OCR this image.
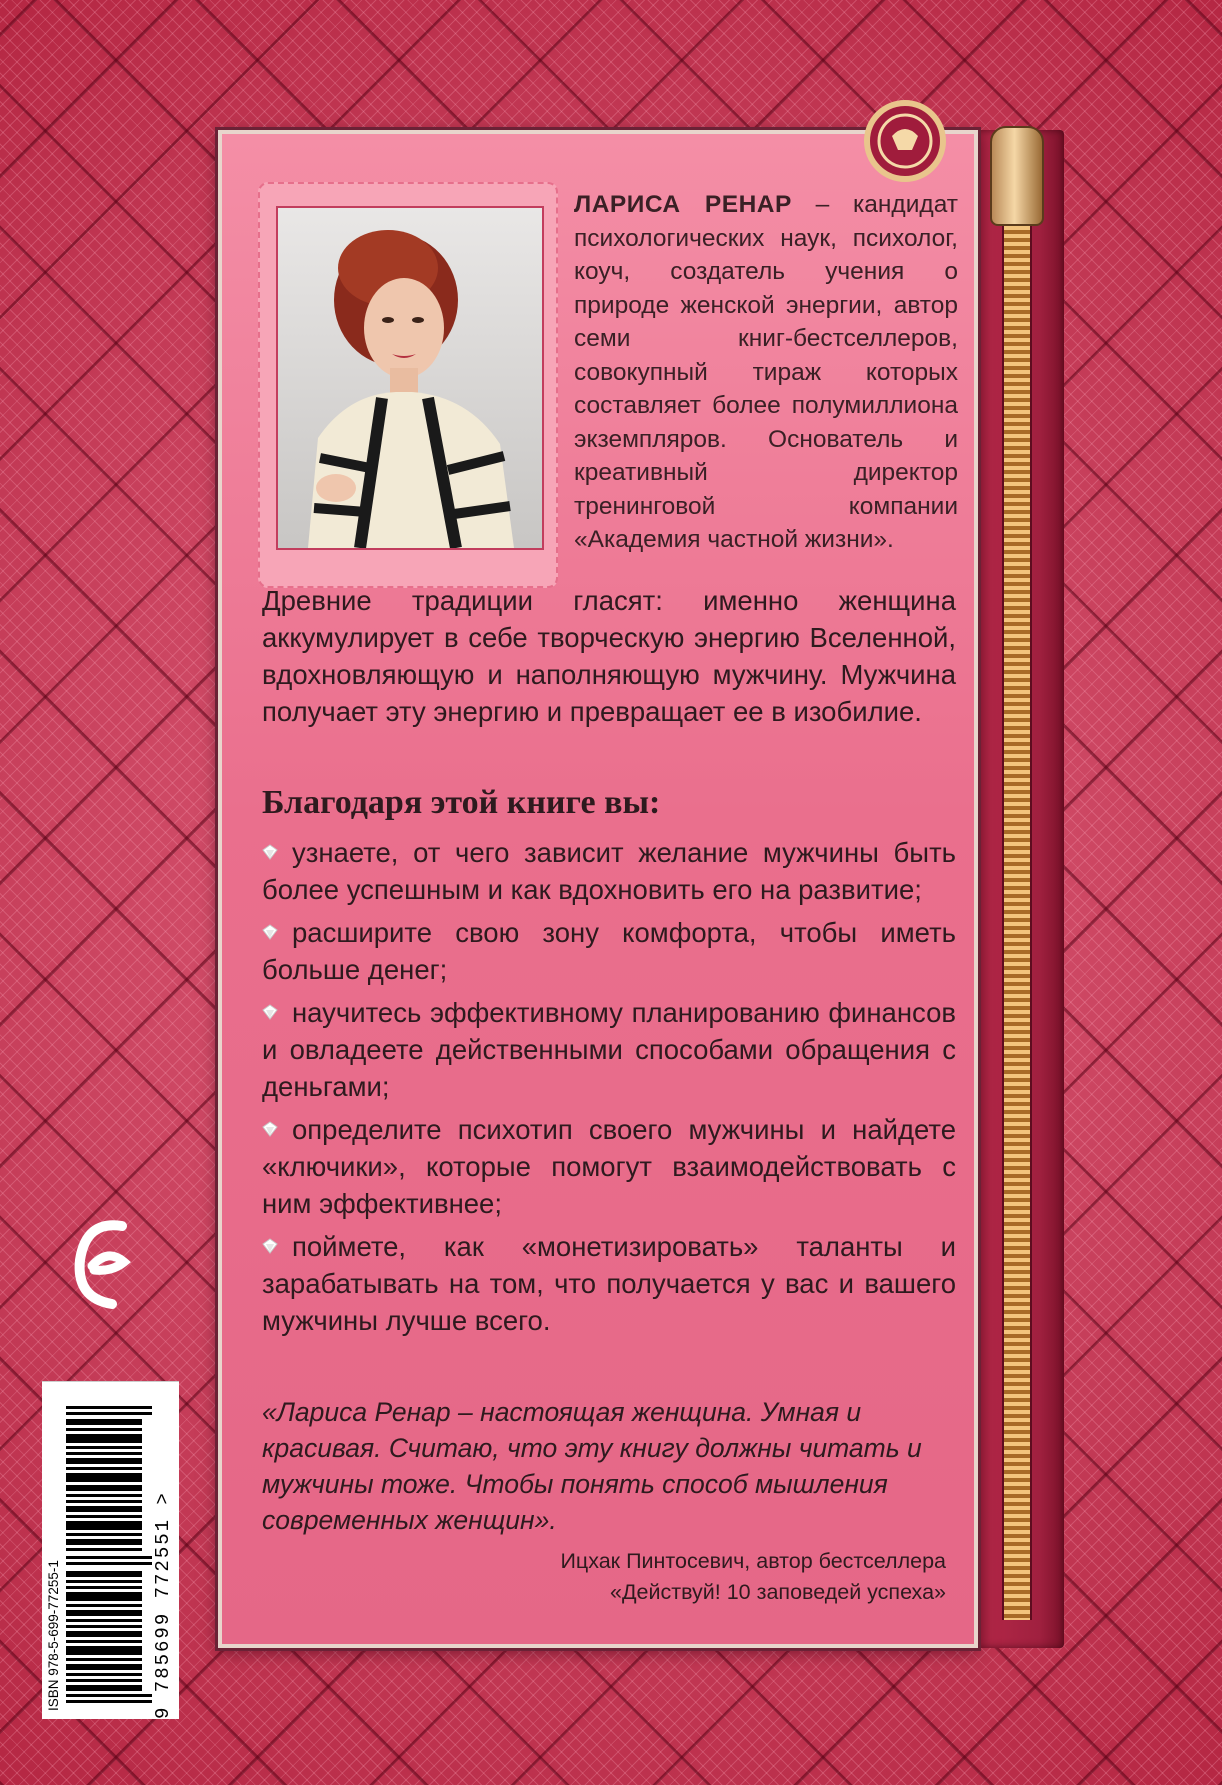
ЛАРИСА РЕНАР – кандидат психологических наук, психолог, коуч, создатель учения о природе женской энергии, автор семи книг-бестселлеров, совокупный тираж которых составляет более полумиллиона экземпляров. Основатель и креативный директор тренинговой компании «Академия частной жизни».
Древние традиции гласят: именно женщина аккумулирует в себе творческую энергию Вселенной, вдохновляющую и наполняющую мужчину. Мужчина получает эту энергию и превращает ее в изобилие.
Благодаря этой книге вы:
узнаете, от чего зависит желание мужчины быть более успешным и как вдохновить его на развитие;
расширите свою зону комфорта, чтобы иметь больше денег;
научитесь эффективному планированию финансов и овладеете действенными способами обращения с деньгами;
определите психотип своего мужчины и найдете «ключики», которые помогут взаимодействовать с ним эффективнее;
поймете, как «монетизировать» таланты и зарабатывать на том, что получается у вас и вашего мужчины лучше всего.
«Лариса Ренар – настоящая женщина. Умная и красивая. Считаю, что эту книгу должны читать и мужчины тоже. Чтобы понять способ мышления современных женщин».
Ицхак Пинтосевич, автор бестселлера
«Действуй! 10 заповедей успеха»
ISBN 978-5-699-77255-1	9 785699 772551 >
